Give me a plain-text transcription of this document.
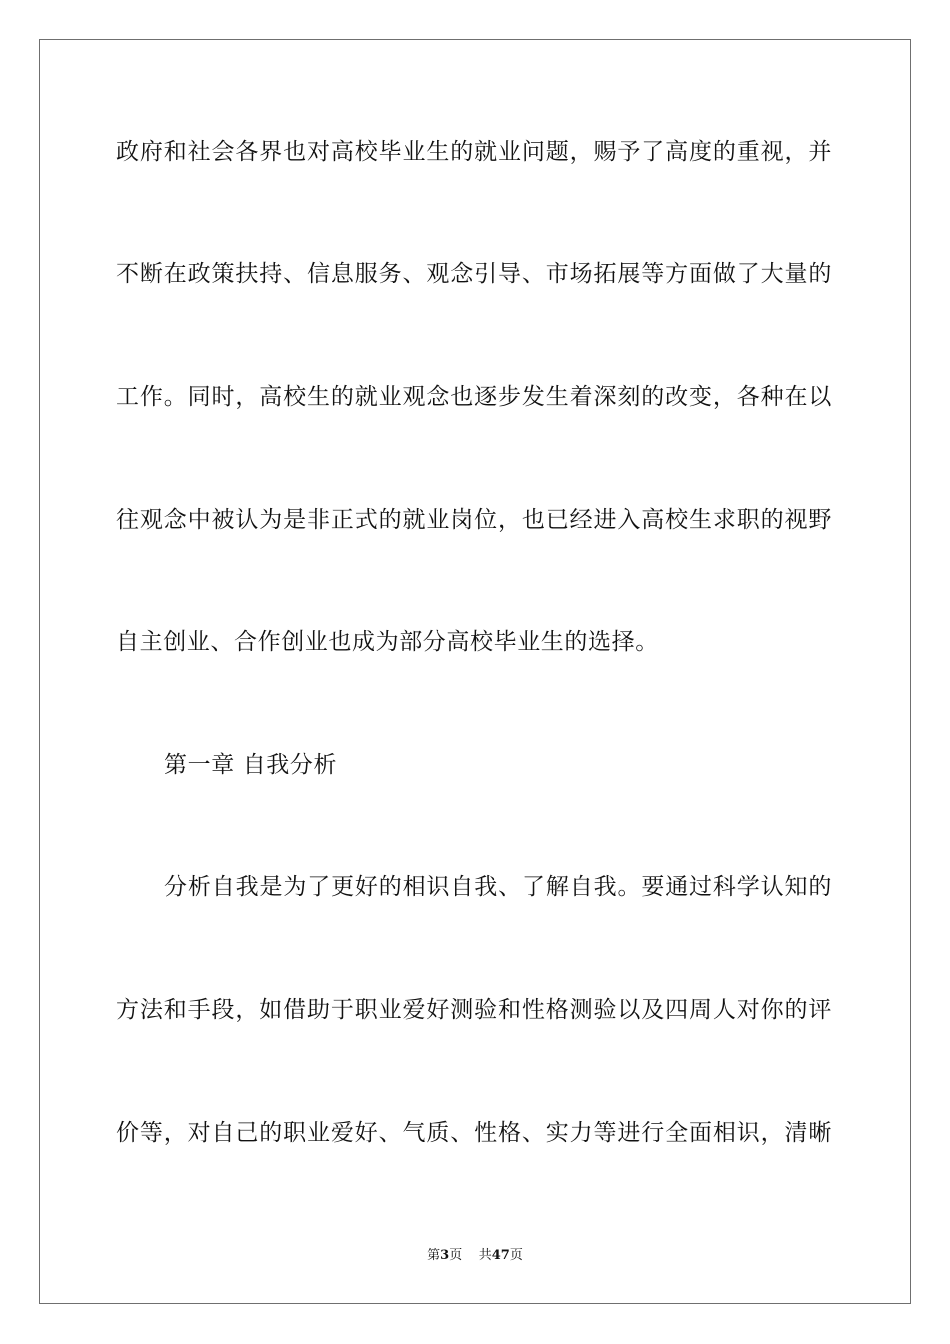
政府和社会各界也对高校毕业生的就业问题，赐予了高度的重视，并
不断在政策扶持、信息服务、观念引导、市场拓展等方面做了大量的
工作。同时，高校生的就业观念也逐步发生着深刻的改变，各种在以
往观念中被认为是非正式的就业岗位，也已经进入高校生求职的视野
自主创业、合作创业也成为部分高校毕业生的选择。
第一章 自我分析
分析自我是为了更好的相识自我、了解自我。要通过科学认知的
方法和手段，如借助于职业爱好测验和性格测验以及四周人对你的评
价等，对自己的职业爱好、气质、性格、实力等进行全面相识，清晰
第3页    共47页
